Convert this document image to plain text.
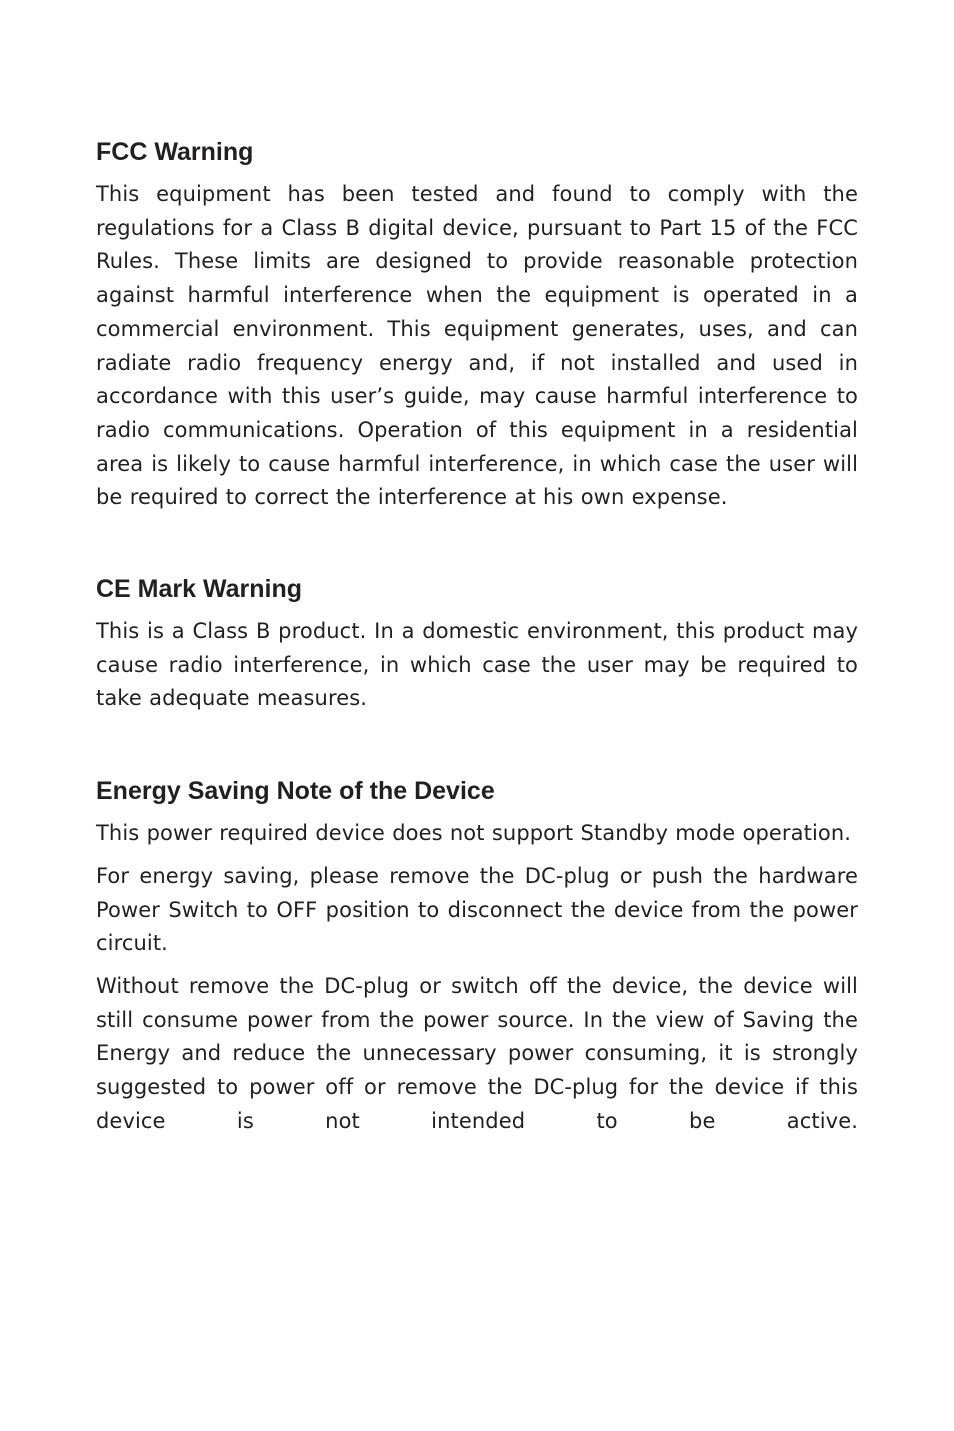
FCC Warning

This equipment has been tested and found to comply with the regulations for a Class B digital device, pursuant to Part 15 of the FCC Rules. These limits are designed to provide reasonable protection against harmful interference when the equipment is operated in a commercial environment. This equipment generates, uses, and can radiate radio frequency energy and, if not installed and used in accordance with this user’s guide, may cause harmful interference to radio communications. Operation of this equipment in a residential area is likely to cause harmful interference, in which case the user will be required to correct the interference at his own expense.

CE Mark Warning

This is a Class B product. In a domestic environment, this product may cause radio interference, in which case the user may be required to take adequate measures.

Energy Saving Note of the Device

This power required device does not support Standby mode operation.

For energy saving, please remove the DC-plug or push the hardware Power Switch to OFF position to disconnect the device from the power circuit.

Without remove the DC-plug or switch off the device, the device will still consume power from the power source. In the view of Saving the Energy and reduce the unnecessary power consuming, it is strongly suggested to power off or remove the DC-plug for the device if this device is not intended to be active.
